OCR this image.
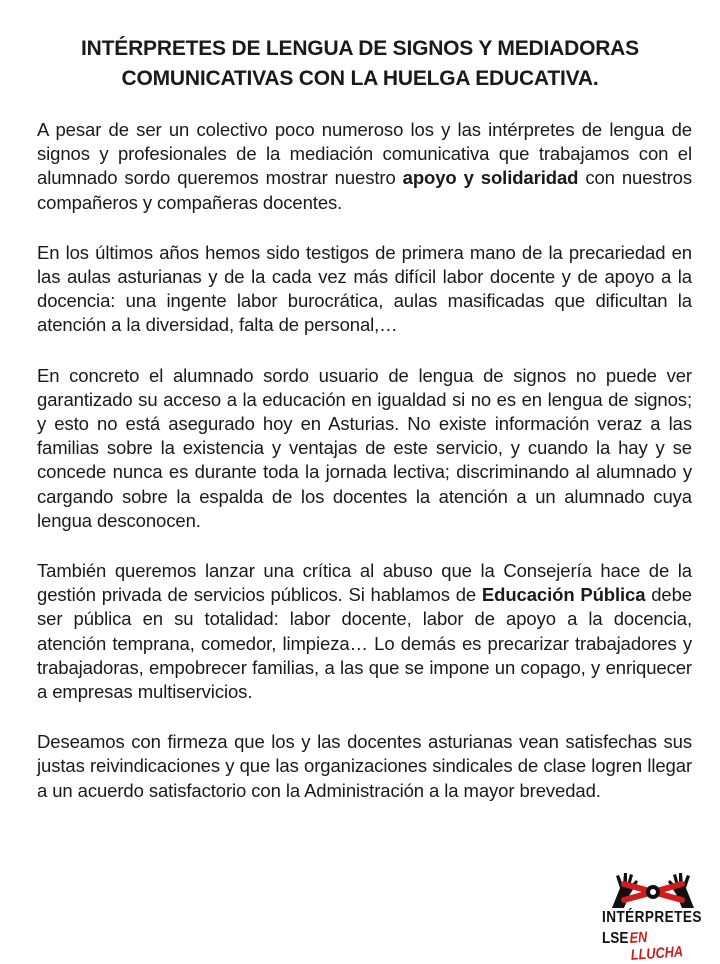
INTÉRPRETES DE LENGUA DE SIGNOS Y MEDIADORAS
COMUNICATIVAS CON LA HUELGA EDUCATIVA.

A pesar de ser un colectivo poco numeroso los y las intérpretes de lengua de signos y profesionales de la mediación comunicativa que trabajamos con el alumnado sordo queremos mostrar nuestro apoyo y solidaridad con nuestros compañeros y compañeras docentes.

En los últimos años hemos sido testigos de primera mano de la precariedad en las aulas asturianas y de la cada vez más difícil labor docente y de apoyo a la docencia: una ingente labor burocrática, aulas masificadas que dificultan la atención a la diversidad, falta de personal,…

En concreto el alumnado sordo usuario de lengua de signos no puede ver garantizado su acceso a la educación en igualdad si no es en lengua de signos; y esto no está asegurado hoy en Asturias. No existe información veraz a las familias sobre la existencia y ventajas de este servicio, y cuando la hay y se concede nunca es durante toda la jornada lectiva; discriminando al alumnado y cargando sobre la espalda de los docentes la atención a un alumnado cuya lengua desconocen.

También queremos lanzar una crítica al abuso que la Consejería hace de la gestión privada de servicios públicos. Si hablamos de Educación Pública debe ser pública en su totalidad: labor docente, labor de apoyo a la docencia, atención temprana, comedor, limpieza… Lo demás es precarizar trabajadores y trabajadoras, empobrecer familias, a las que se impone un copago, y enriquecer a empresas multiservicios.

Deseamos con firmeza que los y las docentes asturianas vean satisfechas sus justas reivindicaciones y que las organizaciones sindicales de clase logren llegar a un acuerdo satisfactorio con la Administración a la mayor brevedad.

INTÉRPRETES
LSE EN LLUCHA
